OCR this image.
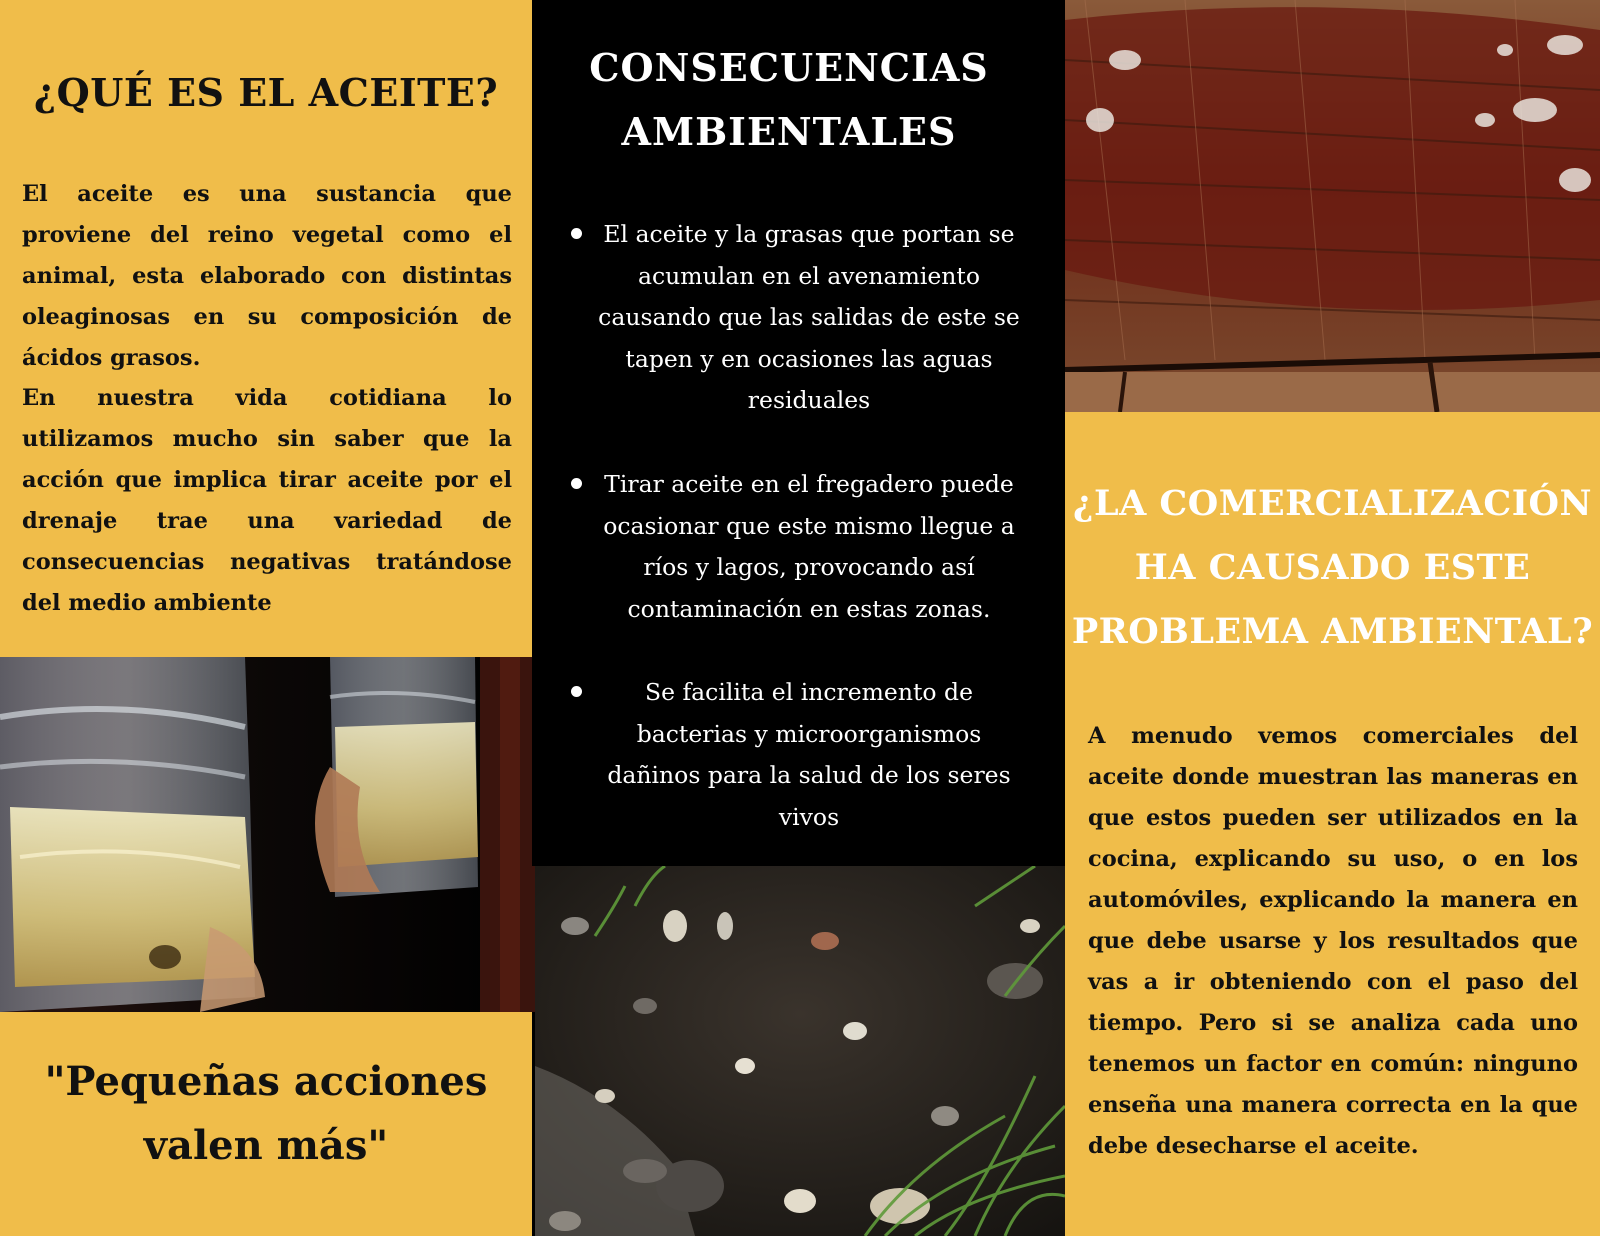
¿QUÉ ES EL ACEITE?

El aceite es una sustancia que proviene del reino vegetal como el animal, esta elaborado con distintas oleaginosas en su composición de ácidos grasos.

En nuestra vida cotidiana lo utilizamos mucho sin saber que la acción que implica tirar aceite por el drenaje trae una variedad de consecuencias negativas tratándose del medio ambiente

"Pequeñas acciones valen más"

CONSECUENCIAS AMBIENTALES

El aceite y la grasas que portan se acumulan en el avenamiento causando que las salidas de este se tapen y en ocasiones las aguas residuales

Tirar aceite en el fregadero puede ocasionar que este mismo llegue a ríos y lagos, provocando así contaminación en estas zonas.

Se facilita el incremento de bacterias y microorganismos dañinos para la salud de los seres vivos

¿LA COMERCIALIZACIÓN HA CAUSADO ESTE PROBLEMA AMBIENTAL?

A menudo vemos comerciales del aceite donde muestran las maneras en que estos pueden ser utilizados en la cocina, explicando su uso, o en los automóviles, explicando la manera en que debe usarse y los resultados que vas a ir obteniendo con el paso del tiempo. Pero si se analiza cada uno tenemos un factor en común: ninguno enseña una manera correcta en la que debe desecharse el aceite.
